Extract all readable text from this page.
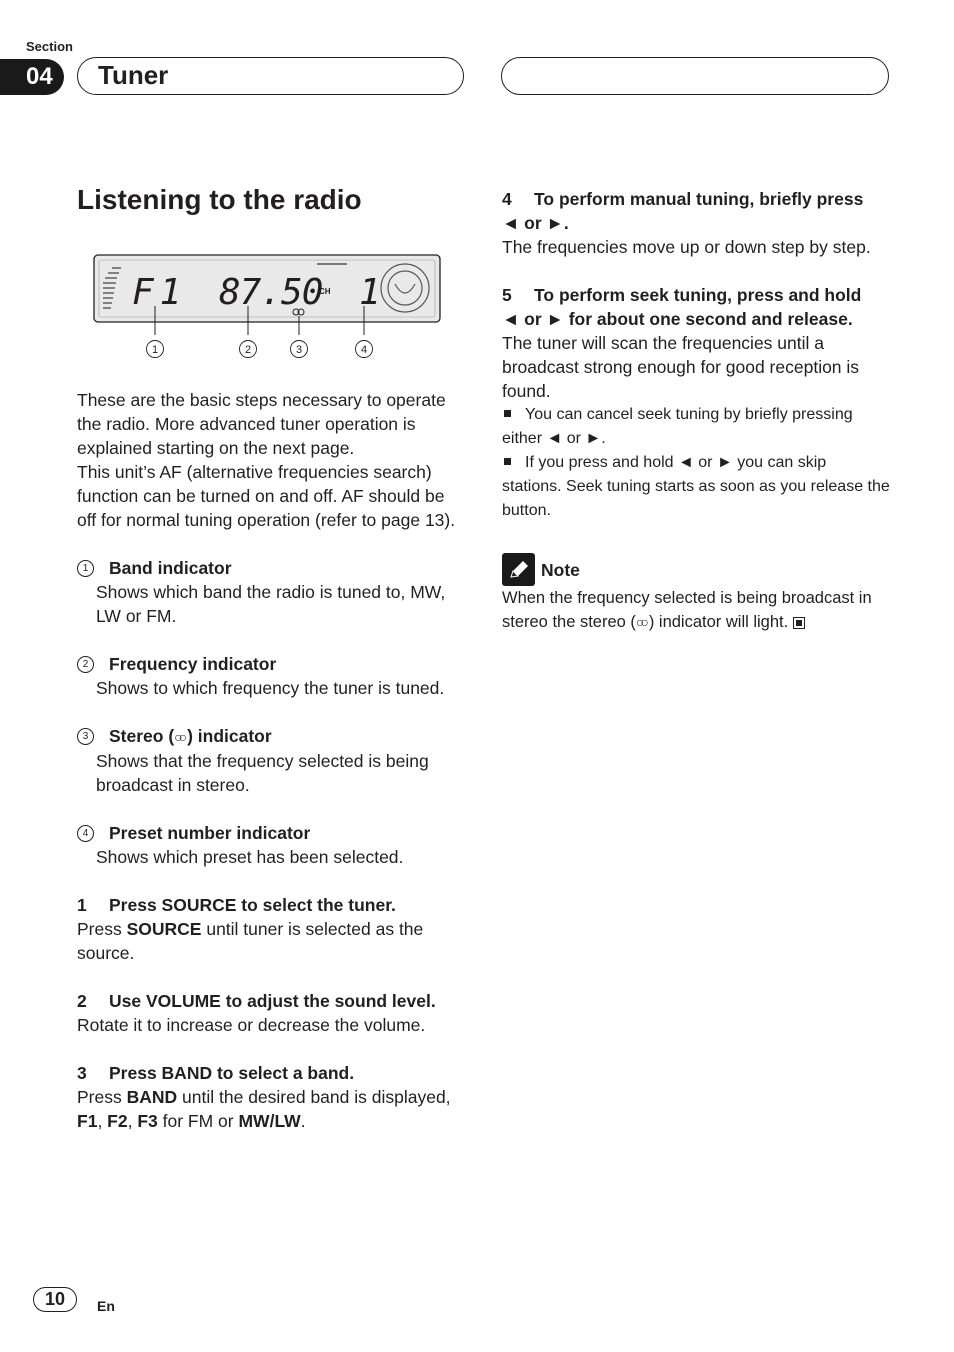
Section
04	Tuner
Listening to the radio
F1 87.50
CH 1
1	2	3	4

These are the basic steps necessary to operate the radio. More advanced tuner operation is explained starting on the next page.

This unit’s AF (alternative frequencies search) function can be turned on and off. AF should be off for normal tuning operation (refer to page 13).

1	Band indicator
Shows which band the radio is tuned to, MW, LW or FM.
2	Frequency indicator
Shows to which frequency the tuner is tuned.
3	Stereo (○○ ) indicator
Shows that the frequency selected is being broadcast in stereo.
4	Preset number indicator
Shows which preset has been selected.
1 Press SOURCE to select the tuner.

Press SOURCE until tuner is selected as the source.

2 Use VOLUME to adjust the sound level.

Rotate it to increase or decrease the volume.

3 Press BAND to select a band.

Press BAND until the desired band is displayed, F1, F2, F3 for FM or MW/LW.

4 To perform manual tuning, briefly press
◄ or ►.

The frequencies move up or down step by step.

5 To perform seek tuning, press and hold
◄ or ► for about one second and release.

The tuner will scan the frequencies until a broadcast strong enough for good reception is found.

You can cancel seek tuning by briefly pressing either ◄ or ►.

If you press and hold ◄ or ► you can skip stations. Seek tuning starts as soon as you release the button.

Note

When the frequency selected is being broadcast in stereo the stereo (○○ ) indicator will light.

10	En
